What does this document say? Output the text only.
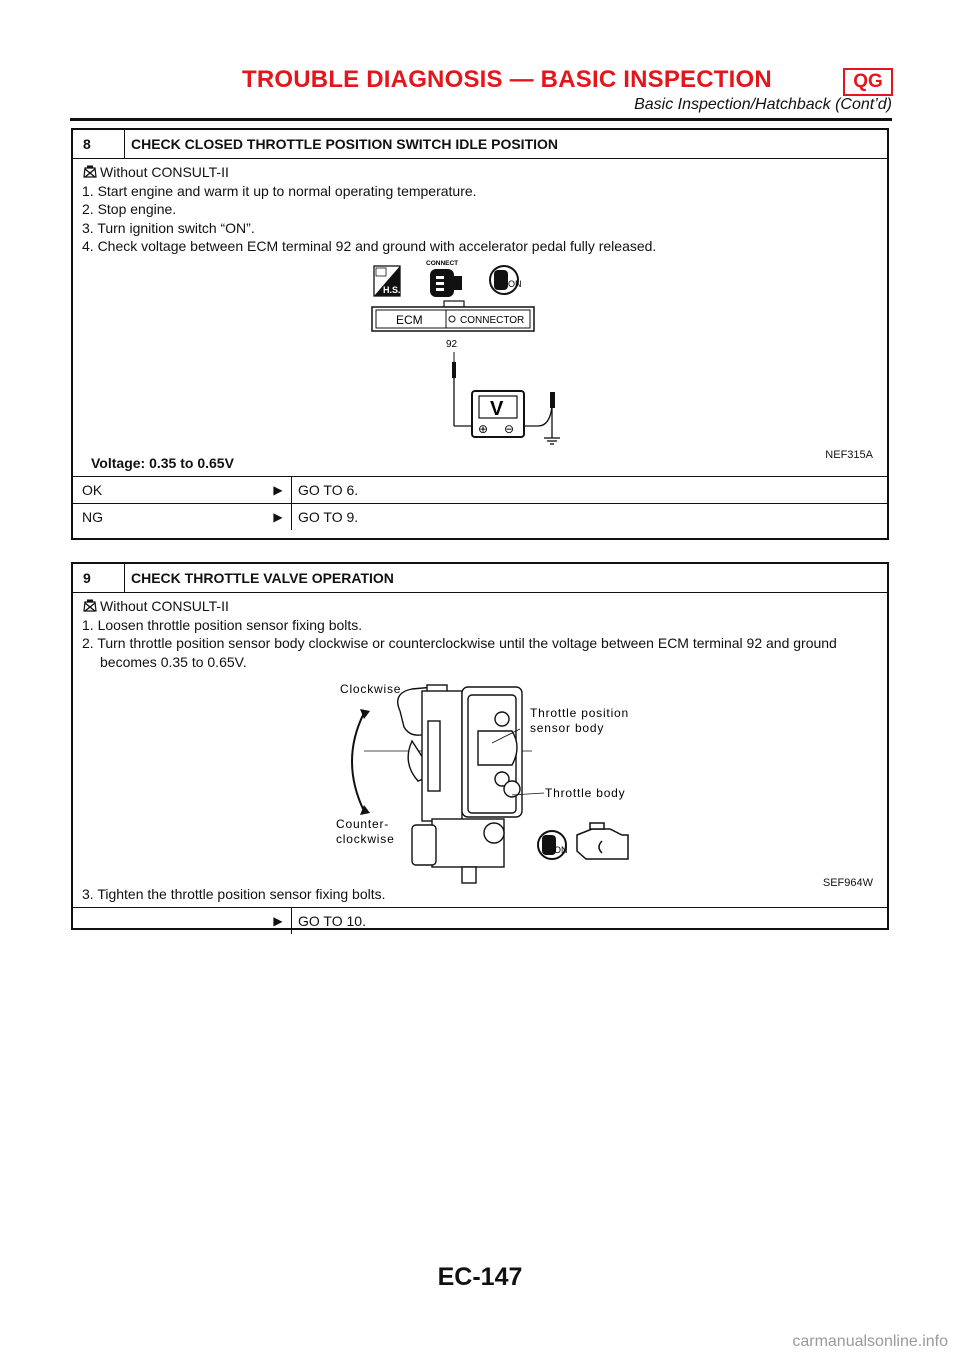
TROUBLE DIAGNOSIS — BASIC INSPECTION	QG
Basic Inspection/Hatchback (Cont’d)
8	CHECK CLOSED THROTTLE POSITION SWITCH IDLE POSITION
Without CONSULT-II
1. Start engine and warm it up to normal operating temperature.
2. Stop engine.
3. Turn ignition switch “ON”.
4. Check voltage between ECM terminal 92 and ground with accelerator pedal fully released.
H.S.
CONNECT
ON
ECM	CONNECTOR
92
V
⊕ ⊖
NEF315A
Voltage: 0.35 to 0.65V
OK	▶	GO TO 6.
NG	▶	GO TO 9.
9	CHECK THROTTLE VALVE OPERATION
Without CONSULT-II
1. Loosen throttle position sensor fixing bolts.
2. Turn throttle position sensor body clockwise or counterclockwise until the voltage between ECM terminal 92 and ground
becomes 0.35 to 0.65V.
Clockwise
Throttle position
sensor body
Throttle body
Counter-
clockwise
ON
SEF964W
3. Tighten the throttle position sensor fixing bolts.
▶	GO TO 10.
EC-147
carmanualsonline.info
